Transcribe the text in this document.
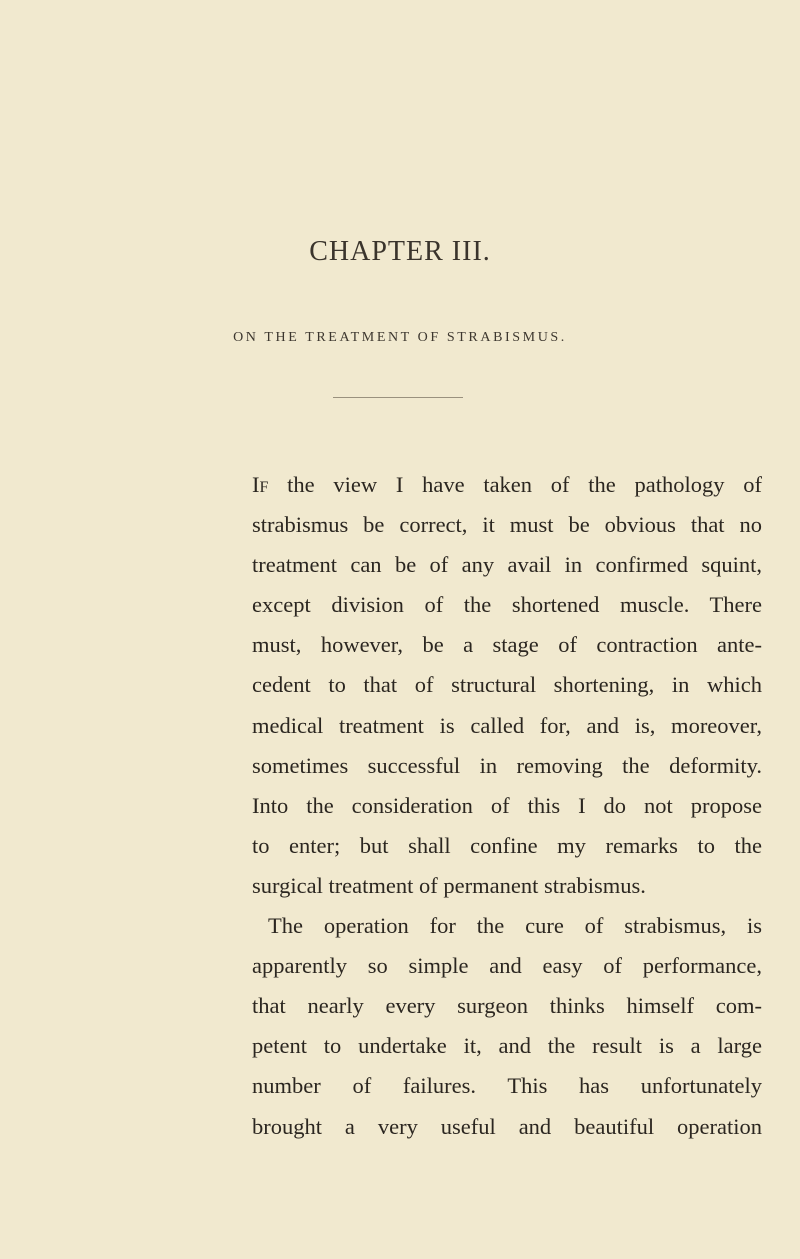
CHAPTER III.
ON THE TREATMENT OF STRABISMUS.
If the view I have taken of the pathology of
strabismus be correct, it must be obvious that no
treatment can be of any avail in confirmed squint,
except division of the shortened muscle. There
must, however, be a stage of contraction ante-
cedent to that of structural shortening, in which
medical treatment is called for, and is, moreover,
sometimes successful in removing the deformity.
Into the consideration of this I do not propose
to enter; but shall confine my remarks to the
surgical treatment of permanent strabismus.
The operation for the cure of strabismus, is
apparently so simple and easy of performance,
that nearly every surgeon thinks himself com-
petent to undertake it, and the result is a large
number of failures. This has unfortunately
brought a very useful and beautiful operation
